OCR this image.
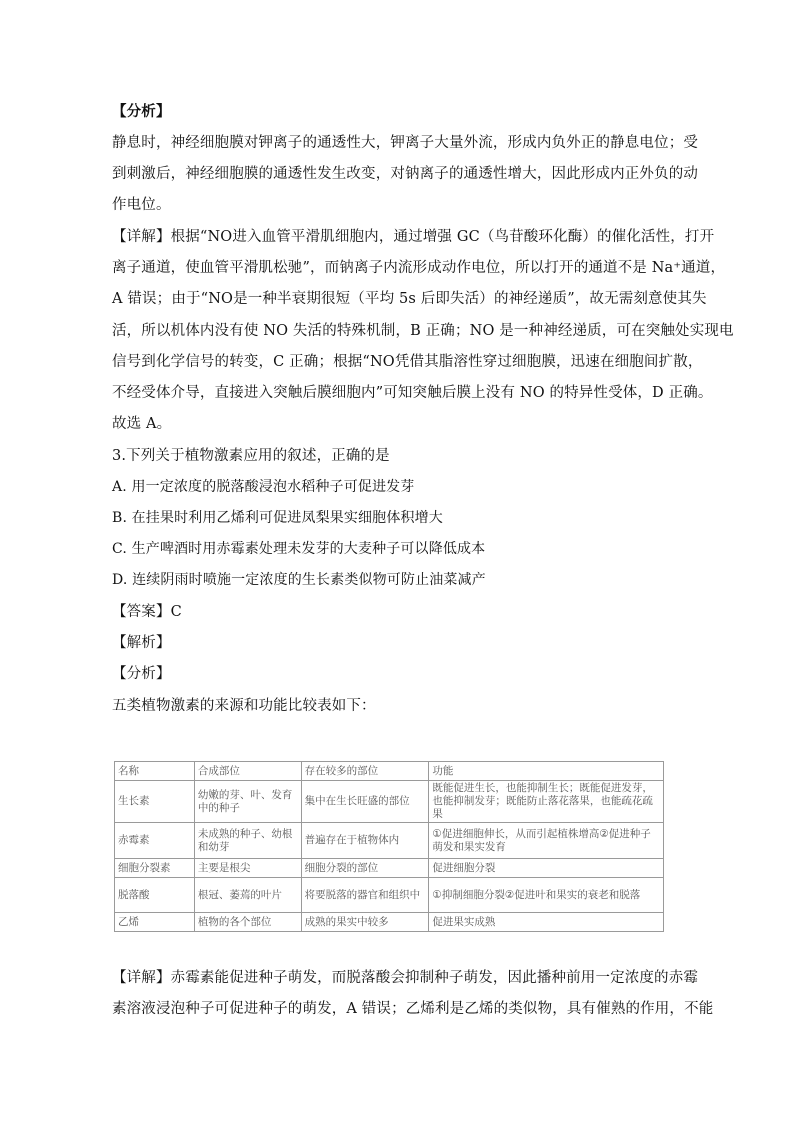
【分析】
静息时，神经细胞膜对钾离子的通透性大，钾离子大量外流，形成内负外正的静息电位；受
到刺激后，神经细胞膜的通透性发生改变，对钠离子的通透性增大，因此形成内正外负的动
作电位。
【详解】根据“NO进入血管平滑肌细胞内，通过增强 GC（鸟苷酸环化酶）的催化活性，打开
离子通道，使血管平滑肌松驰”，而钠离子内流形成动作电位，所以打开的通道不是 Na⁺通道，
A 错误；由于“NO是一种半衰期很短（平均 5s 后即失活）的神经递质”，故无需刻意使其失
活，所以机体内没有使 NO 失活的特殊机制，B 正确；NO 是一种神经递质，可在突触处实现电
信号到化学信号的转变，C 正确；根据“NO凭借其脂溶性穿过细胞膜，迅速在细胞间扩散，
不经受体介导，直接进入突触后膜细胞内”可知突触后膜上没有 NO 的特异性受体，D 正确。
故选 A。
3.下列关于植物激素应用的叙述，正确的是
A. 用一定浓度的脱落酸浸泡水稻种子可促进发芽
B. 在挂果时利用乙烯利可促进凤梨果实细胞体积增大
C. 生产啤酒时用赤霉素处理未发芽的大麦种子可以降低成本
D. 连续阴雨时喷施一定浓度的生长素类似物可防止油菜减产
【答案】C
【解析】
【分析】
五类植物激素的来源和功能比较表如下：
名称	合成部位	存在较多的部位	功能
生长素	幼嫩的芽、叶、发育中的种子	集中在生长旺盛的部位	既能促进生长，也能抑制生长；既能促进发芽，也能抑制发芽；既能防止落花落果，也能疏花疏果
赤霉素	未成熟的种子、幼根和幼芽	普遍存在于植物体内	①促进细胞伸长，从而引起植株增高②促进种子萌发和果实发育
细胞分裂素	主要是根尖	细胞分裂的部位	促进细胞分裂
脱落酸	根冠、萎蔫的叶片	将要脱落的器官和组织中	①抑制细胞分裂②促进叶和果实的衰老和脱落
乙烯	植物的各个部位	成熟的果实中较多	促进果实成熟
【详解】赤霉素能促进种子萌发，而脱落酸会抑制种子萌发，因此播种前用一定浓度的赤霉
素溶液浸泡种子可促进种子的萌发，A 错误；乙烯利是乙烯的类似物，具有催熟的作用，不能
